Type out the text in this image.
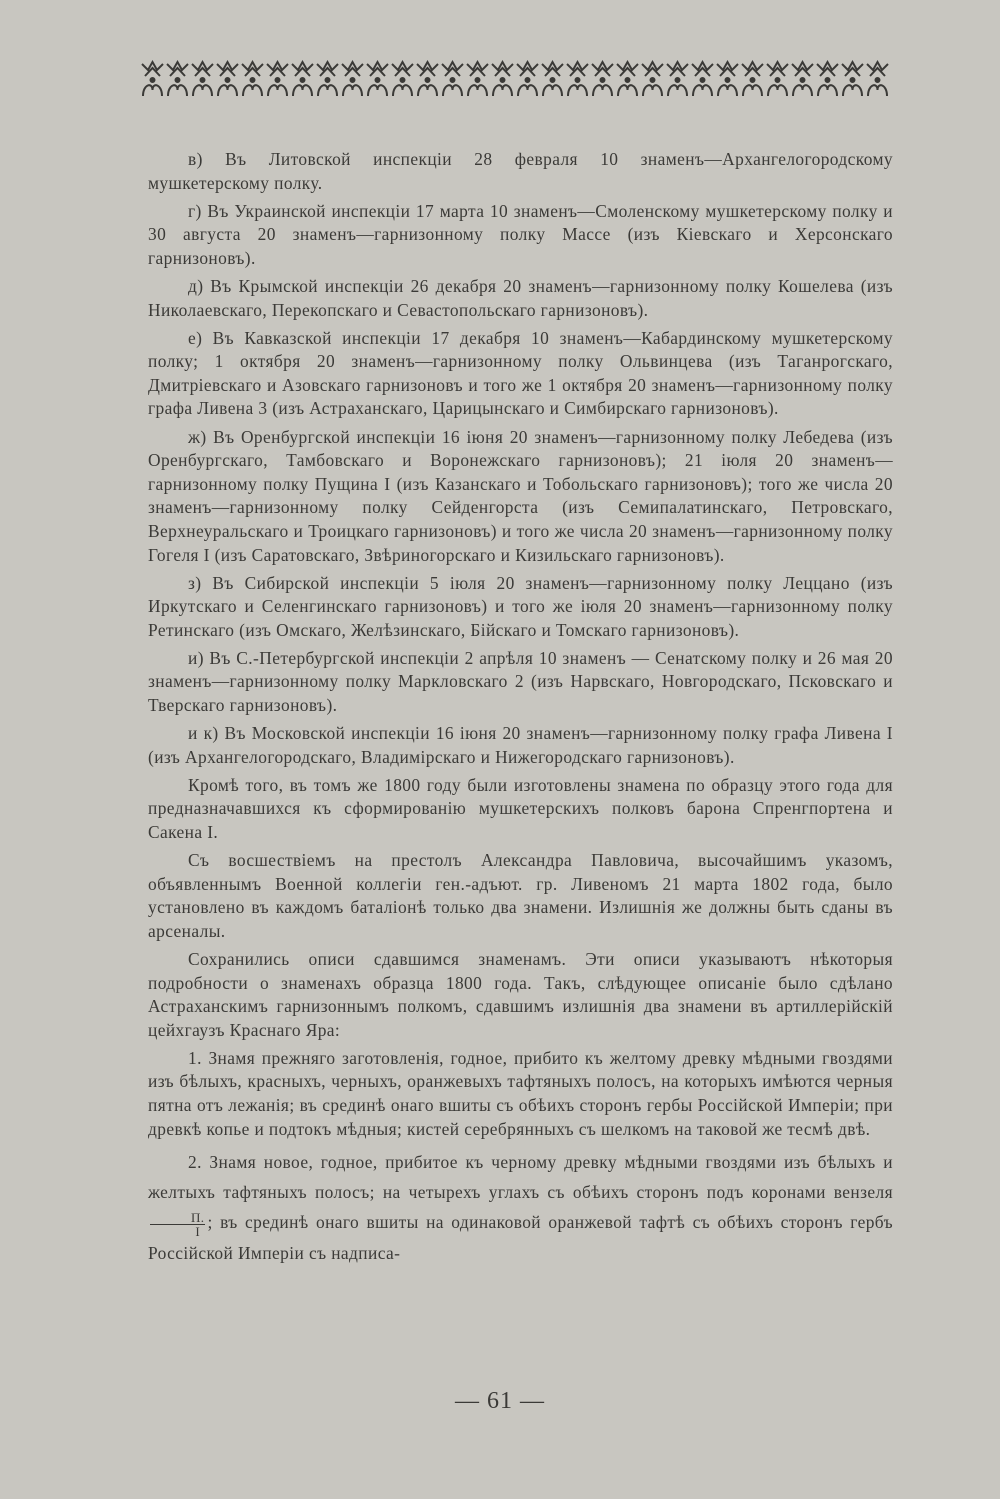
в) Въ Литовской инспекціи 28 февраля 10 знаменъ—Архангелогородскому мушкетерскому полку.

г) Въ Украинской инспекціи 17 марта 10 знаменъ—Смоленскому мушкетерскому полку и 30 августа 20 знаменъ—гарнизонному полку Массе (изъ Кіевскаго и Херсонскаго гарнизоновъ).

д) Въ Крымской инспекціи 26 декабря 20 знаменъ—гарнизонному полку Кошелева (изъ Николаевскаго, Перекопскаго и Севастопольскаго гарнизоновъ).

е) Въ Кавказской инспекціи 17 декабря 10 знаменъ—Кабардинскому мушкетерскому полку; 1 октября 20 знаменъ—гарнизонному полку Ольвинцева (изъ Таганрогскаго, Дмитріевскаго и Азовскаго гарнизоновъ и того же 1 октября 20 знаменъ—гарнизонному полку графа Ливена 3 (изъ Астраханскаго, Царицынскаго и Симбирскаго гарнизоновъ).

ж) Въ Оренбургской инспекціи 16 іюня 20 знаменъ—гарнизонному полку Лебедева (изъ Оренбургскаго, Тамбовскаго и Воронежскаго гарнизоновъ); 21 іюля 20 знаменъ—гарнизонному полку Пущина I (изъ Казанскаго и Тобольскаго гарнизоновъ); того же числа 20 знаменъ—гарнизонному полку Сейденгорста (изъ Семипалатинскаго, Петровскаго, Верхнеуральскаго и Троицкаго гарнизоновъ) и того же числа 20 знаменъ—гарнизонному полку Гогеля I (изъ Саратовскаго, Звѣриногорскаго и Кизильскаго гарнизоновъ).

з) Въ Сибирской инспекціи 5 іюля 20 знаменъ—гарнизонному полку Леццано (изъ Иркутскаго и Селенгинскаго гарнизоновъ) и того же іюля 20 знаменъ—гарнизонному полку Ретинскаго (изъ Омскаго, Желѣзинскаго, Бійскаго и Томскаго гарнизоновъ).

и) Въ С.-Петербургской инспекціи 2 апрѣля 10 знаменъ — Сенатскому полку и 26 мая 20 знаменъ—гарнизонному полку Маркловскаго 2 (изъ Нарвскаго, Новгородскаго, Псковскаго и Тверскаго гарнизоновъ).

и к) Въ Московской инспекціи 16 іюня 20 знаменъ—гарнизонному полку графа Ливена I (изъ Архангелогородскаго, Владимірскаго и Нижегородскаго гарнизоновъ).

Кромѣ того, въ томъ же 1800 году были изготовлены знамена по образцу этого года для предназначавшихся къ сформированію мушкетерскихъ полковъ барона Спренгпортена и Сакена I.

Съ восшествіемъ на престолъ Александра Павловича, высочайшимъ указомъ, объявленнымъ Военной коллегіи ген.-адъют. гр. Ливеномъ 21 марта 1802 года, было установлено въ каждомъ баталіонѣ только два знамени. Излишнія же должны быть сданы въ арсеналы.

Сохранились описи сдавшимся знаменамъ. Эти описи указываютъ нѣкоторыя подробности о знаменахъ образца 1800 года. Такъ, слѣдующее описаніе было сдѣлано Астраханскимъ гарнизоннымъ полкомъ, сдавшимъ излишнія два знамени въ артиллерійскій цейхгаузъ Краснаго Яра:

1. Знамя прежняго заготовленія, годное, прибито къ желтому древку мѣдными гвоздями изъ бѣлыхъ, красныхъ, черныхъ, оранжевыхъ тафтяныхъ полосъ, на которыхъ имѣются черныя пятна отъ лежанія; въ срединѣ онаго вшиты съ обѣихъ сторонъ гербы Россійской Имперіи; при древкѣ копье и подтокъ мѣдныя; кистей серебрянныхъ съ шелкомъ на таковой же тесмѣ двѣ.

2. Знамя новое, годное, прибитое къ черному древку мѣдными гвоздями изъ бѣлыхъ и желтыхъ тафтяныхъ полосъ; на четырехъ углахъ съ обѣихъ сторонъ подъ коронами вензеля
$\frac{П.}{I}$ ; въ срединѣ онаго вшиты на одинаковой оранжевой тафтѣ съ обѣихъ сторонъ гербъ Россійской Имперіи съ надписа-

— 61 —
